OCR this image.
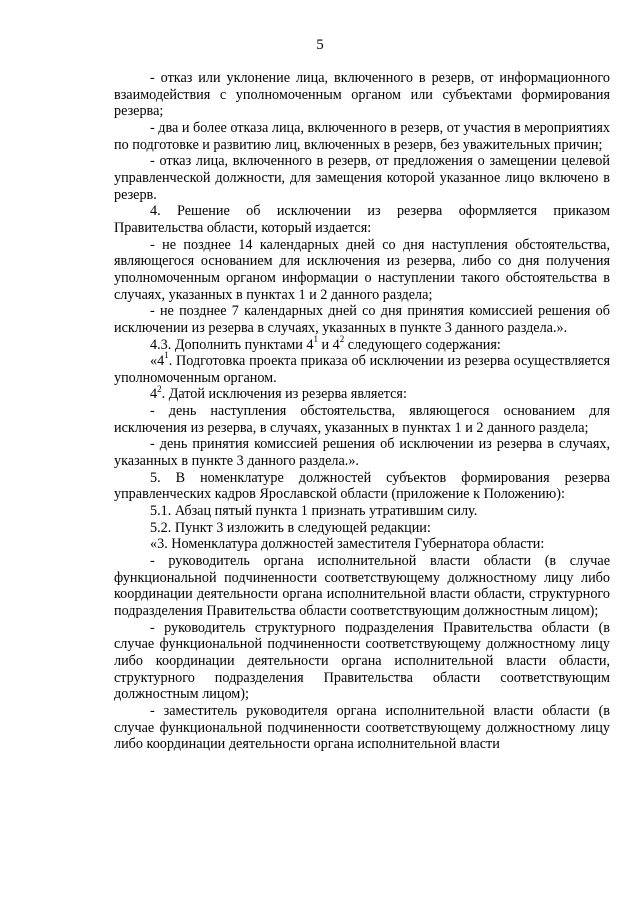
5

- отказ или уклонение лица, включенного в резерв, от информационного взаимодействия с уполномоченным органом или субъектами формирования резерва;

- два и более отказа лица, включенного в резерв, от участия в мероприятиях по подготовке и развитию лиц, включенных в резерв, без уважительных причин;

- отказ лица, включенного в резерв, от предложения о замещении целевой управленческой должности, для замещения которой указанное лицо включено в резерв.

4. Решение об исключении из резерва оформляется приказом Правительства области, который издается:

- не позднее 14 календарных дней со дня наступления обстоятельства, являющегося основанием для исключения из резерва, либо со дня получения уполномоченным органом информации о наступлении такого обстоятельства в случаях, указанных в пунктах 1 и 2 данного раздела;

- не позднее 7 календарных дней со дня принятия комиссией решения об исключении из резерва в случаях, указанных в пункте 3 данного раздела.».

4.3. Дополнить пунктами $4^1$ и $4^2$ следующего содержания:

«$4^1$. Подготовка проекта приказа об исключении из резерва осуществляется уполномоченным органом.

$4^2$. Датой исключения из резерва является:

- день наступления обстоятельства, являющегося основанием для исключения из резерва, в случаях, указанных в пунктах 1 и 2 данного раздела;

- день принятия комиссией решения об исключении из резерва в случаях, указанных в пункте 3 данного раздела.».

5. В номенклатуре должностей субъектов формирования резерва управленческих кадров Ярославской области (приложение к Положению):

5.1. Абзац пятый пункта 1 признать утратившим силу.

5.2. Пункт 3 изложить в следующей редакции:

«3. Номенклатура должностей заместителя Губернатора области:

- руководитель органа исполнительной власти области (в случае функциональной подчиненности соответствующему должностному лицу либо координации деятельности органа исполнительной власти области, структурного подразделения Правительства области соответствующим должностным лицом);

- руководитель структурного подразделения Правительства области (в случае функциональной подчиненности соответствующему должностному лицу либо координации деятельности органа исполнительной власти области, структурного подразделения Правительства области соответствующим должностным лицом);

- заместитель руководителя органа исполнительной власти области (в случае функциональной подчиненности соответствующему должностному лицу либо координации деятельности органа исполнительной власти
